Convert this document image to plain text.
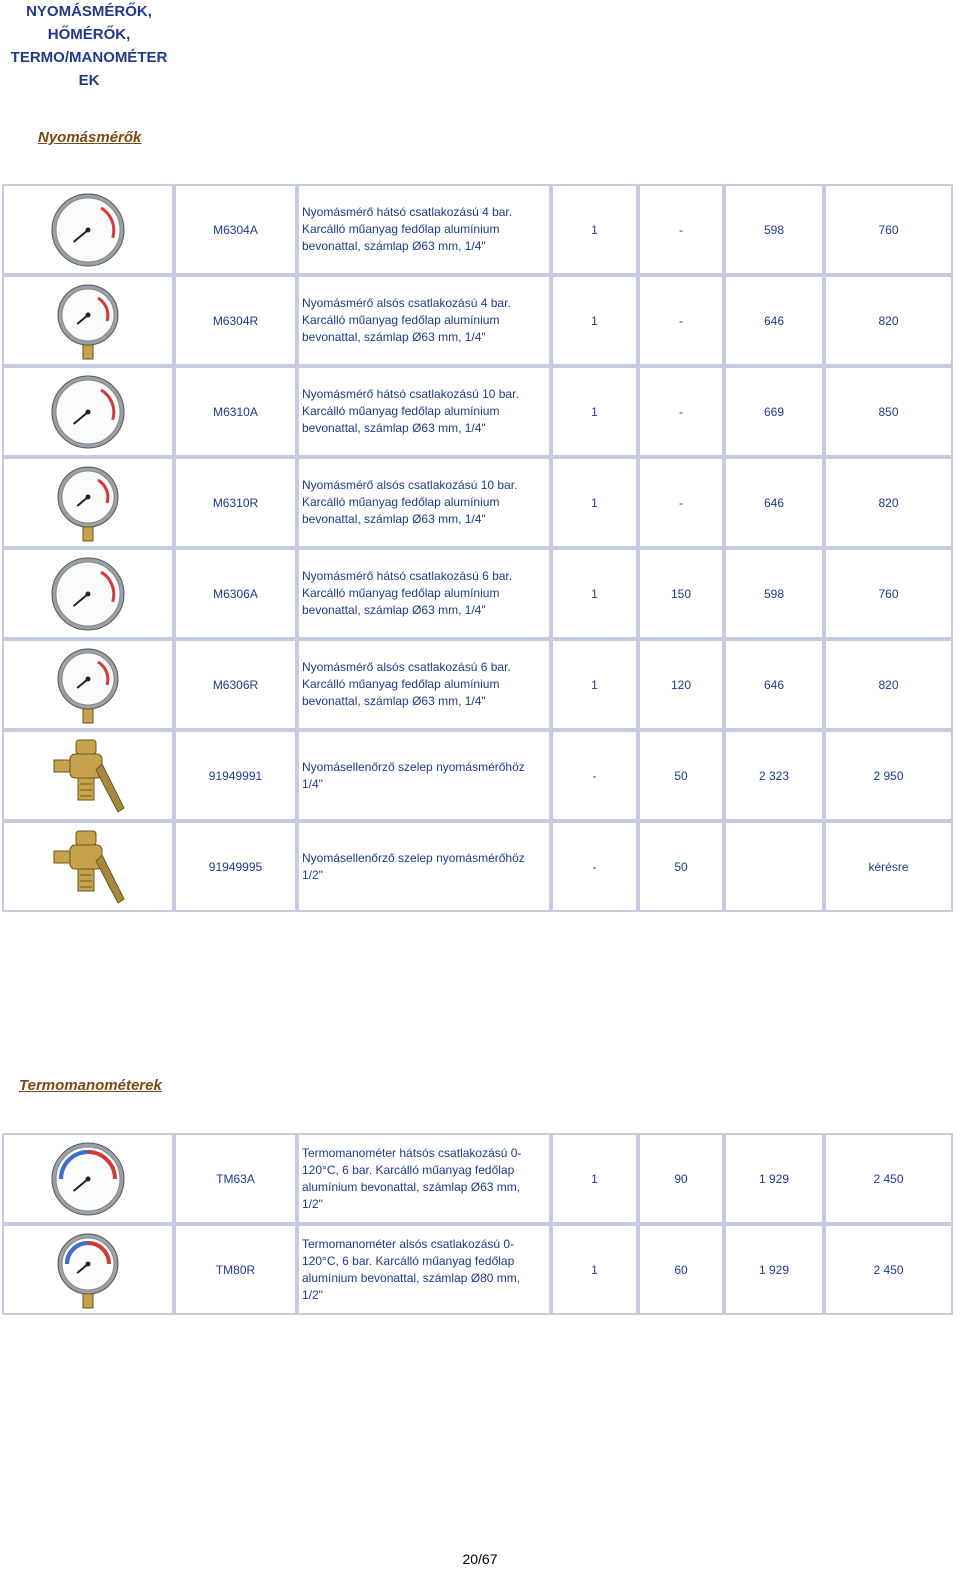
NYOMÁSMÉRŐK,
HŐMÉRŐK,
TERMO/MANOMÉTER
EK
Nyomásmérők
	M6304A	Nyomásmérő hátsó csatlakozású 4 bar.
Karcálló műanyag fedőlap alumínium
bevonattal, számlap Ø63 mm, 1/4"	1	-	598	760

	M6304R	Nyomásmérő alsós csatlakozású 4 bar.
Karcálló műanyag fedőlap alumínium
bevonattal, számlap Ø63 mm, 1/4"	1	-	646	820

	M6310A	Nyomásmérő hátsó csatlakozású 10 bar.
Karcálló műanyag fedőlap alumínium
bevonattal, számlap Ø63 mm, 1/4"	1	-	669	850

	M6310R	Nyomásmérő alsós csatlakozású 10 bar.
Karcálló műanyag fedőlap alumínium
bevonattal, számlap Ø63 mm, 1/4"	1	-	646	820

	M6306A	Nyomásmérő hátsó csatlakozású 6 bar.
Karcálló műanyag fedőlap alumínium
bevonattal, számlap Ø63 mm, 1/4"	1	150	598	760

	M6306R	Nyomásmérő alsós csatlakozású 6 bar.
Karcálló műanyag fedőlap alumínium
bevonattal, számlap Ø63 mm, 1/4"	1	120	646	820

	91949991	Nyomásellenőrző szelep nyomásmérőhöz
1/4"	-	50	2 323	2 950

	91949995	Nyomásellenőrző szelep nyomásmérőhöz
1/2"	-	50		kérésre
Termomanométerek
	TM63A	Termomanométer hátsós csatlakozású 0-
120°C, 6 bar. Karcálló műanyag fedőlap
alumínium bevonattal, számlap Ø63 mm,
1/2"	1	90	1 929	2 450

	TM80R	Termomanométer alsós csatlakozású 0-
120°C, 6 bar. Karcálló műanyag fedőlap
alumínium bevonattal, számlap Ø80 mm,
1/2"	1	60	1 929	2 450
20/67
